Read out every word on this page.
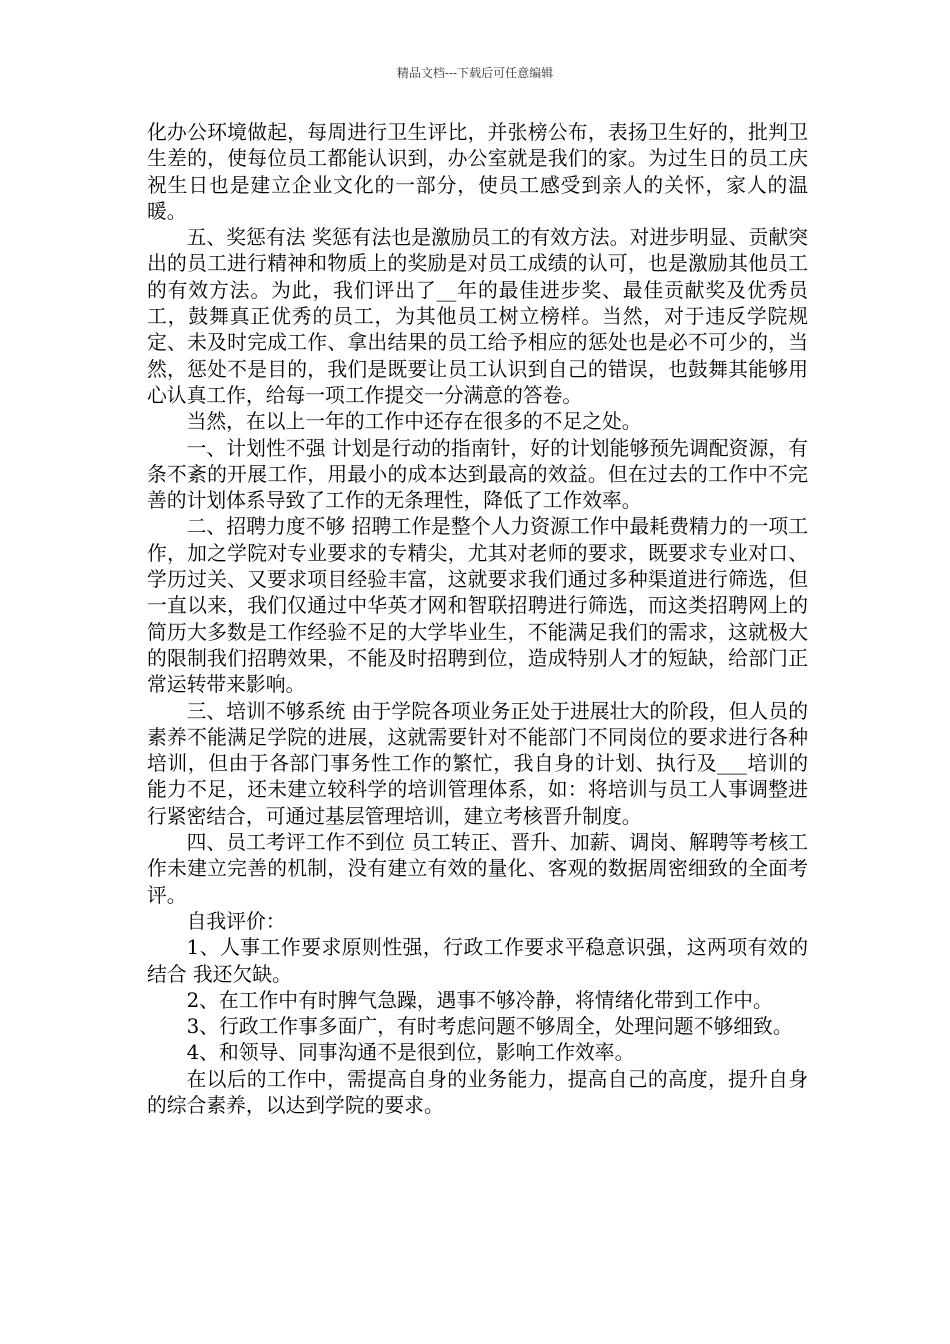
精品文档---下载后可任意编辑

化办公环境做起，每周进行卫生评比，并张榜公布，表扬卫生好的，批判卫生差的，使每位员工都能认识到，办公室就是我们的家。为过生日的员工庆祝生日也是建立企业文化的一部分，使员工感受到亲人的关怀，家人的温暖。

五、奖惩有法 奖惩有法也是激励员工的有效方法。对进步明显、贡献突出的员工进行精神和物质上的奖励是对员工成绩的认可，也是激励其他员工的有效方法。为此，我们评出了__年的最佳进步奖、最佳贡献奖及优秀员工，鼓舞真正优秀的员工，为其他员工树立榜样。当然，对于违反学院规定、未及时完成工作、拿出结果的员工给予相应的惩处也是必不可少的，当然，惩处不是目的，我们是既要让员工认识到自己的错误，也鼓舞其能够用心认真工作，给每一项工作提交一分满意的答卷。

当然，在以上一年的工作中还存在很多的不足之处。

一、计划性不强 计划是行动的指南针，好的计划能够预先调配资源，有条不紊的开展工作，用最小的成本达到最高的效益。但在过去的工作中不完善的计划体系导致了工作的无条理性，降低了工作效率。

二、招聘力度不够 招聘工作是整个人力资源工作中最耗费精力的一项工作，加之学院对专业要求的专精尖，尤其对老师的要求，既要求专业对口、学历过关、又要求项目经验丰富，这就要求我们通过多种渠道进行筛选，但一直以来，我们仅通过中华英才网和智联招聘进行筛选，而这类招聘网上的简历大多数是工作经验不足的大学毕业生，不能满足我们的需求，这就极大的限制我们招聘效果，不能及时招聘到位，造成特别人才的短缺，给部门正常运转带来影响。

三、培训不够系统 由于学院各项业务正处于进展壮大的阶段，但人员的素养不能满足学院的进展，这就需要针对不能部门不同岗位的要求进行各种培训，但由于各部门事务性工作的繁忙，我自身的计划、执行及___培训的能力不足，还未建立较科学的培训管理体系，如：将培训与员工人事调整进行紧密结合，可通过基层管理培训，建立考核晋升制度。

四、员工考评工作不到位 员工转正、晋升、加薪、调岗、解聘等考核工作未建立完善的机制，没有建立有效的量化、客观的数据周密细致的全面考评。

自我评价：

1、人事工作要求原则性强，行政工作要求平稳意识强，这两项有效的结合 我还欠缺。

2、在工作中有时脾气急躁，遇事不够冷静，将情绪化带到工作中。

3、行政工作事多面广，有时考虑问题不够周全，处理问题不够细致。

4、和领导、同事沟通不是很到位，影响工作效率。

在以后的工作中，需提高自身的业务能力，提高自己的高度，提升自身的综合素养，以达到学院的要求。
